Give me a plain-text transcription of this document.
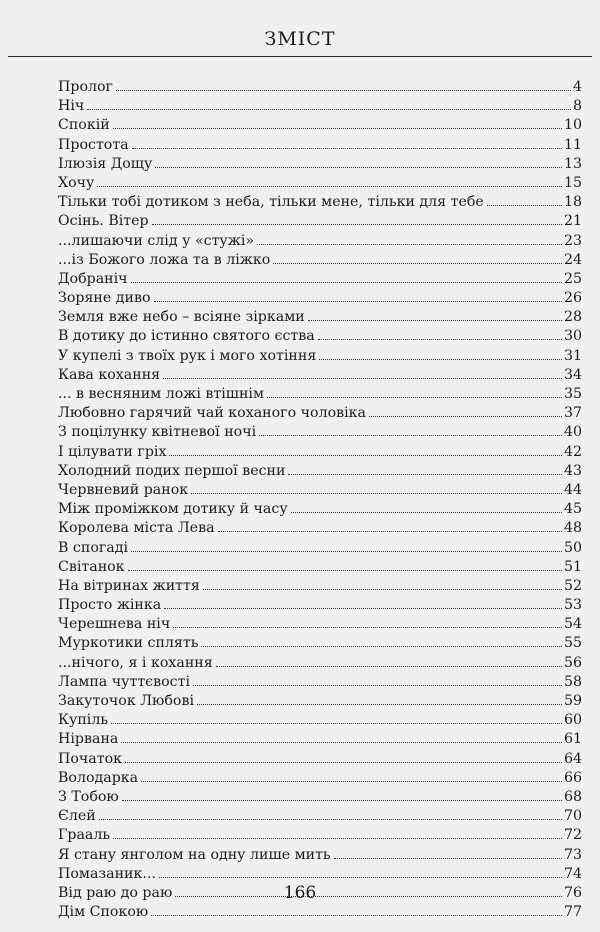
ЗМІСТ
Пролог	4
Ніч	8
Спокій	10
Простота	11
Ілюзія Дощу	13
Хочу	15
Тільки тобі дотиком з неба, тільки мене, тільки для тебе	18
Осінь. Вітер	21
...лишаючи слід у «стужі»	23
...із Божого ложа та в ліжко	24
Добраніч	25
Зоряне диво	26
Земля вже небо – всіяне зірками	28
В дотику до істинно святого єства	30
У купелі з твоїх рук і мого хотіння	31
Кава кохання	34
... в весняним ложі втішнім	35
Любовно гарячий чай коханого чоловіка	37
З поцілунку квітневої ночі	40
І цілувати гріх	42
Холодний подих першої весни	43
Червневий ранок	44
Між проміжком дотику й часу	45
Королева міста Лева	48
В спогаді	50
Світанок	51
На вітринах життя	52
Просто жінка	53
Черешнева ніч	54
Муркотики сплять	55
...нічого, я і кохання	56
Лампа чуттєвості	58
Закуточок Любові	59
Купіль	60
Нірвана	61
Початок	64
Володарка	66
З Тобою	68
Єлей	70
Грааль	72
Я стану янголом на одну лише мить	73
Помазаник...	74
Від раю до раю	76
Дім Спокою	77
166
